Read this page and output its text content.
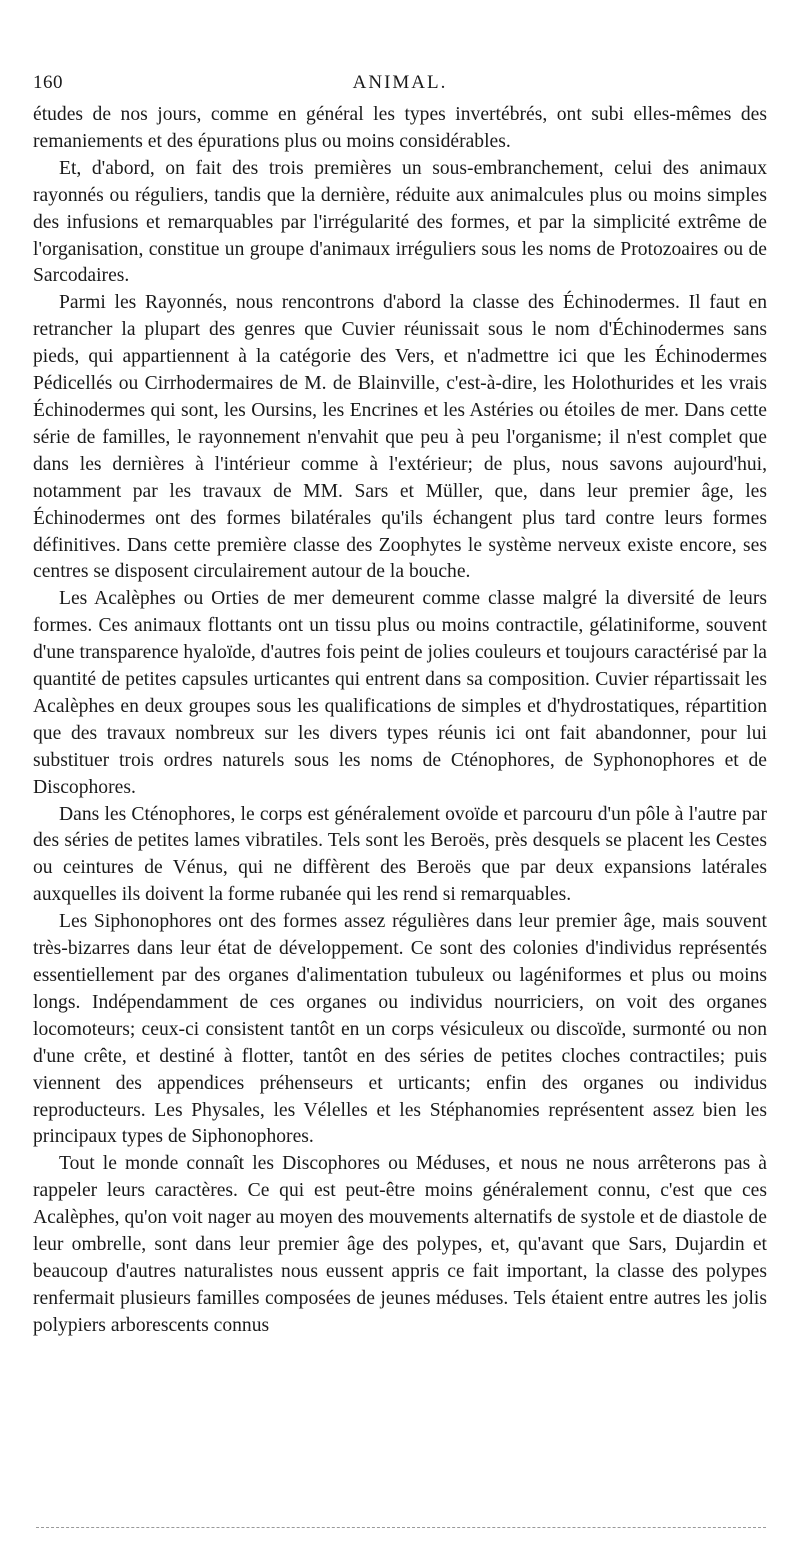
160	ANIMAL.

études de nos jours, comme en général les types invertébrés, ont subi elles-mêmes des remaniements et des épurations plus ou moins considérables.

Et, d'abord, on fait des trois premières un sous-embranchement, celui des animaux rayonnés ou réguliers, tandis que la dernière, réduite aux animalcules plus ou moins simples des infusions et remarquables par l'irrégularité des formes, et par la simplicité extrême de l'organisation, constitue un groupe d'animaux irréguliers sous les noms de Protozoaires ou de Sarcodaires.

Parmi les Rayonnés, nous rencontrons d'abord la classe des Échinodermes. Il faut en retrancher la plupart des genres que Cuvier réunissait sous le nom d'Échinodermes sans pieds, qui appartiennent à la catégorie des Vers, et n'admettre ici que les Échinodermes Pédicellés ou Cirrhodermaires de M. de Blainville, c'est-à-dire, les Holothurides et les vrais Échinodermes qui sont, les Oursins, les Encrines et les Astéries ou étoiles de mer. Dans cette série de familles, le rayonnement n'envahit que peu à peu l'organisme; il n'est complet que dans les dernières à l'intérieur comme à l'extérieur; de plus, nous savons aujourd'hui, notamment par les travaux de MM. Sars et Müller, que, dans leur premier âge, les Échinodermes ont des formes bilatérales qu'ils échangent plus tard contre leurs formes définitives. Dans cette première classe des Zoophytes le système nerveux existe encore, ses centres se disposent circulairement autour de la bouche.

Les Acalèphes ou Orties de mer demeurent comme classe malgré la diversité de leurs formes. Ces animaux flottants ont un tissu plus ou moins contractile, gélatiniforme, souvent d'une transparence hyaloïde, d'autres fois peint de jolies couleurs et toujours caractérisé par la quantité de petites capsules urticantes qui entrent dans sa composition. Cuvier répartissait les Acalèphes en deux groupes sous les qualifications de simples et d'hydrostatiques, répartition que des travaux nombreux sur les divers types réunis ici ont fait abandonner, pour lui substituer trois ordres naturels sous les noms de Cténophores, de Syphonophores et de Discophores.

Dans les Cténophores, le corps est généralement ovoïde et parcouru d'un pôle à l'autre par des séries de petites lames vibratiles. Tels sont les Beroës, près desquels se placent les Cestes ou ceintures de Vénus, qui ne diffèrent des Beroës que par deux expansions latérales auxquelles ils doivent la forme rubanée qui les rend si remarquables.

Les Siphonophores ont des formes assez régulières dans leur premier âge, mais souvent très-bizarres dans leur état de développement. Ce sont des colonies d'individus représentés essentiellement par des organes d'alimentation tubuleux ou lagéniformes et plus ou moins longs. Indépendamment de ces organes ou individus nourriciers, on voit des organes locomoteurs; ceux-ci consistent tantôt en un corps vésiculeux ou discoïde, surmonté ou non d'une crête, et destiné à flotter, tantôt en des séries de petites cloches contractiles; puis viennent des appendices préhenseurs et urticants; enfin des organes ou individus reproducteurs. Les Physales, les Vélelles et les Stéphanomies représentent assez bien les principaux types de Siphonophores.

Tout le monde connaît les Discophores ou Méduses, et nous ne nous arrêterons pas à rappeler leurs caractères. Ce qui est peut-être moins généralement connu, c'est que ces Acalèphes, qu'on voit nager au moyen des mouvements alternatifs de systole et de diastole de leur ombrelle, sont dans leur premier âge des polypes, et, qu'avant que Sars, Dujardin et beaucoup d'autres naturalistes nous eussent appris ce fait important, la classe des polypes renfermait plusieurs familles composées de jeunes méduses. Tels étaient entre autres les jolis polypiers arborescents connus
